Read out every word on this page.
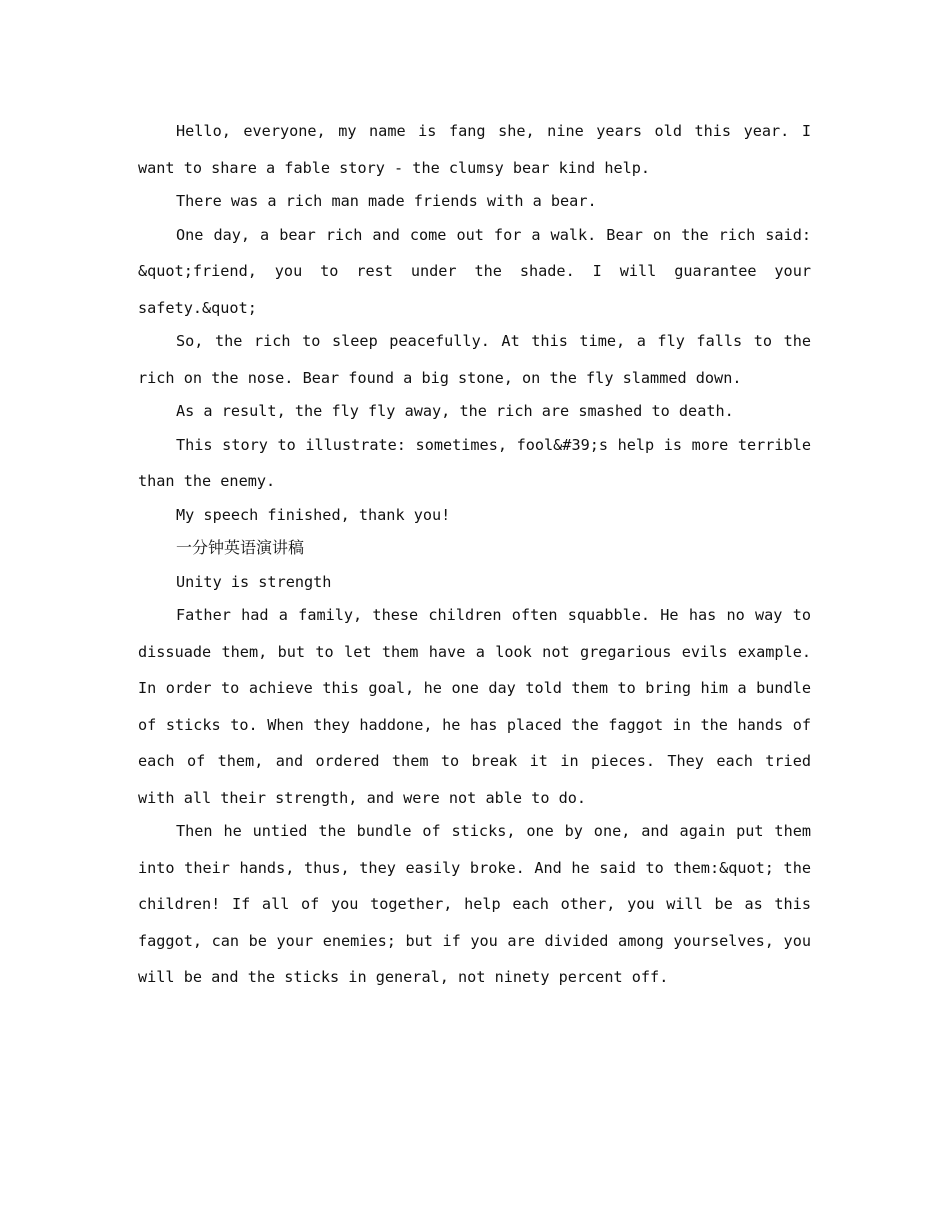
Hello, everyone, my name is fang she, nine years old this year. I want to share a fable story - the clumsy bear kind help.

There was a rich man made friends with a bear.

One day, a bear rich and come out for a walk. Bear on the rich said: &quot;friend, you to rest under the shade. I will guarantee your safety.&quot;

So, the rich to sleep peacefully. At this time, a fly falls to the rich on the nose. Bear found a big stone, on the fly slammed down.

As a result, the fly fly away, the rich are smashed to death.

This story to illustrate: sometimes, fool&#39;s help is more terrible than the enemy.

My speech finished, thank you!

一分钟英语演讲稿

Unity is strength

Father had a family, these children often squabble. He has no way to dissuade them, but to let them have a look not gregarious evils example. In order to achieve this goal, he one day told them to bring him a bundle of sticks to. When they haddone, he has placed the faggot in the hands of each of them, and ordered them to break it in pieces. They each tried with all their strength, and were not able to do.

Then he untied the bundle of sticks, one by one, and again put them into their hands, thus, they easily broke. And he said to them:&quot; the children! If all of you together, help each other, you will be as this faggot, can be your enemies; but if you are divided among yourselves, you will be and the sticks in general, not ninety percent off.
